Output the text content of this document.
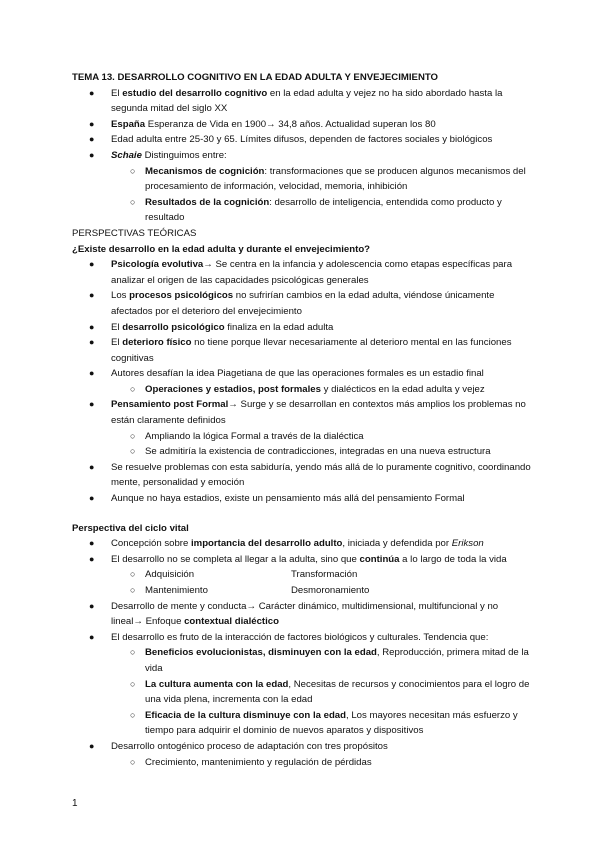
TEMA 13. DESARROLLO COGNITIVO EN LA EDAD ADULTA Y ENVEJECIMIENTO
● El estudio del desarrollo cognitivo en la edad adulta y vejez no ha sido abordado hasta la segunda mitad del siglo XX
● España Esperanza de Vida en 1900→ 34,8 años. Actualidad superan los 80
● Edad adulta entre 25-30 y 65. Límites difusos, dependen de factores sociales y biológicos
● Schaie Distinguimos entre:
○ Mecanismos de cognición: transformaciones que se producen algunos mecanismos del procesamiento de información, velocidad, memoria, inhibición
○ Resultados de la cognición: desarrollo de inteligencia, entendida como producto y resultado
PERSPECTIVAS TEÓRICAS
¿Existe desarrollo en la edad adulta y durante el envejecimiento?
● Psicología evolutiva→ Se centra en la infancia y adolescencia como etapas específicas para analizar el origen de las capacidades psicológicas generales
● Los procesos psicológicos no sufrirían cambios en la edad adulta, viéndose únicamente afectados por el deterioro del envejecimiento
● El desarrollo psicológico finaliza en la edad adulta
● El deterioro físico no tiene porque llevar necesariamente al deterioro mental en las funciones cognitivas
● Autores desafían la idea Piagetiana de que las operaciones formales es un estadio final
○ Operaciones y estadios, post formales y dialécticos en la edad adulta y vejez
● Pensamiento post Formal→ Surge y se desarrollan en contextos más amplios los problemas no están claramente definidos
○ Ampliando la lógica Formal a través de la dialéctica
○ Se admitiría la existencia de contradicciones, integradas en una nueva estructura
● Se resuelve problemas con esta sabiduría, yendo más allá de lo puramente cognitivo, coordinando mente, personalidad y emoción
● Aunque no haya estadios, existe un pensamiento más allá del pensamiento Formal
Perspectiva del ciclo vital
● Concepción sobre importancia del desarrollo adulto, iniciada y defendida por Erikson
● El desarrollo no se completa al llegar a la adulta, sino que continúa a lo largo de toda la vida
○ Adquisición	Transformación
○ Mantenimiento	Desmoronamiento
● Desarrollo de mente y conducta→ Carácter dinámico, multidimensional, multifuncional y no lineal→ Enfoque contextual dialéctico
● El desarrollo es fruto de la interacción de factores biológicos y culturales. Tendencia que:
○ Beneficios evolucionistas, disminuyen con la edad, Reproducción, primera mitad de la vida
○ La cultura aumenta con la edad, Necesitas de recursos y conocimientos para el logro de una vida plena, incrementa con la edad
○ Eficacia de la cultura disminuye con la edad, Los mayores necesitan más esfuerzo y tiempo para adquirir el dominio de nuevos aparatos y dispositivos
● Desarrollo ontogénico proceso de adaptación con tres propósitos
○ Crecimiento, mantenimiento y regulación de pérdidas
1
